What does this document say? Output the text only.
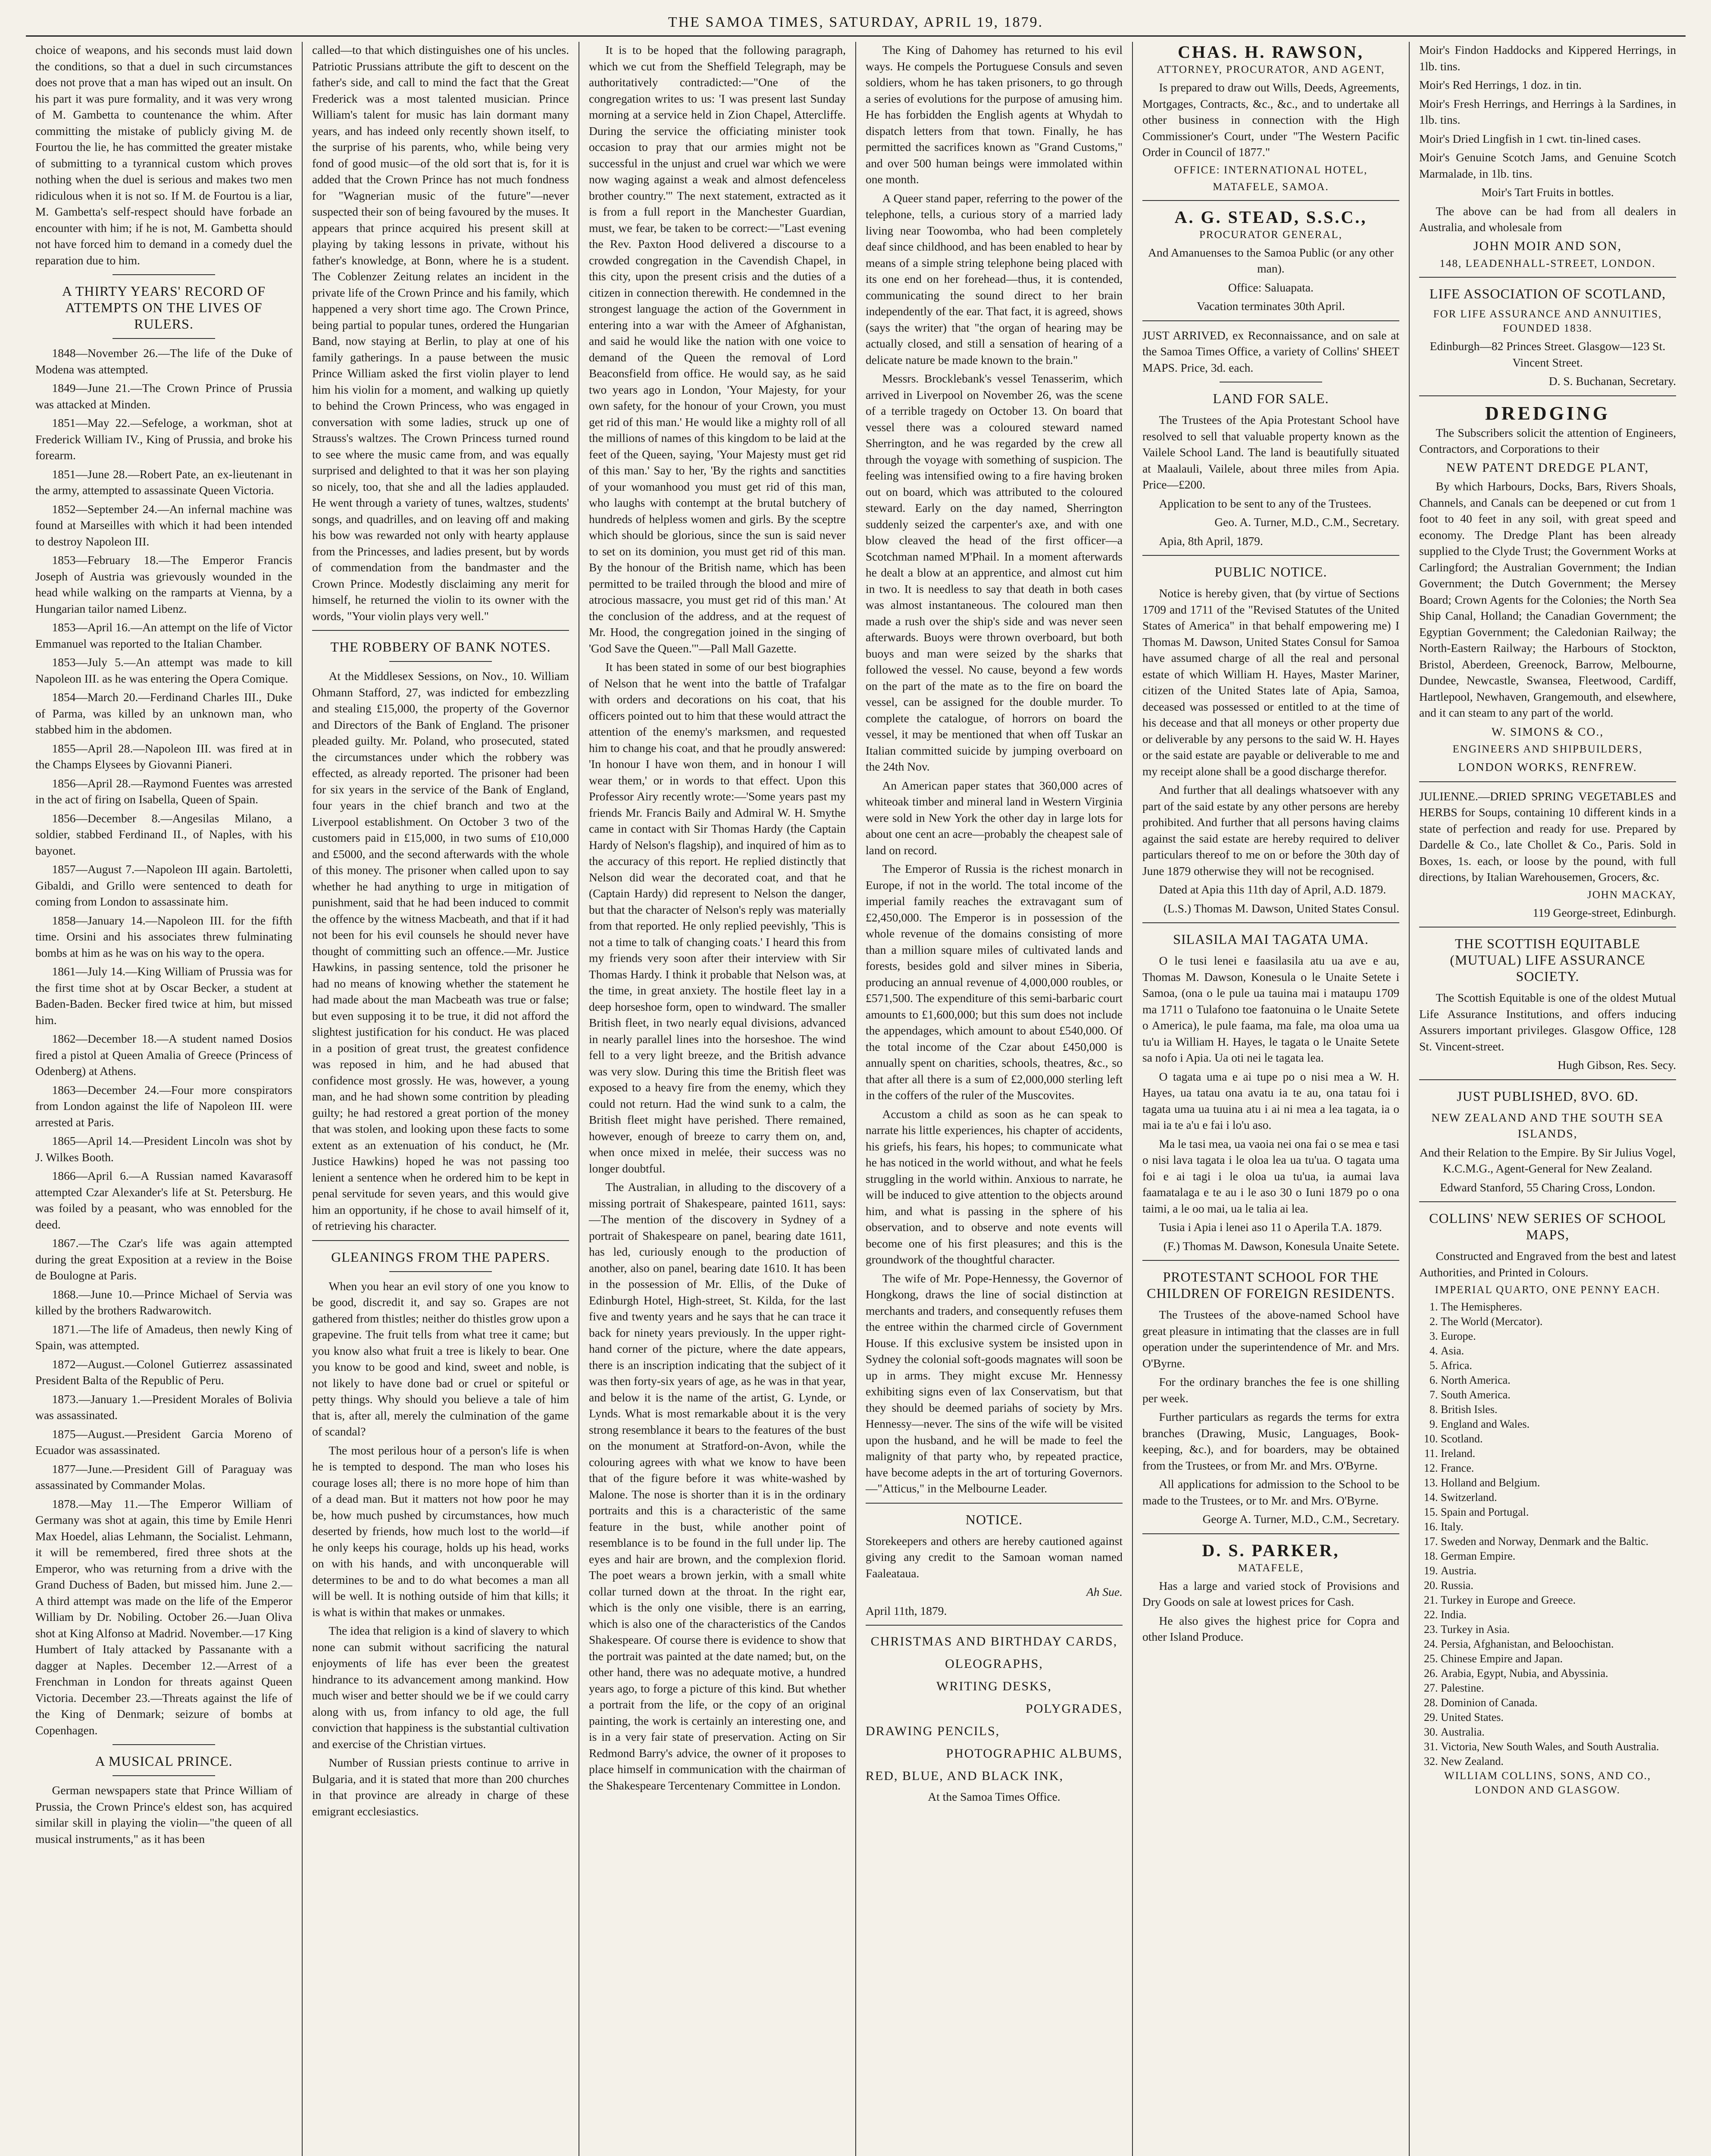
THE SAMOA TIMES, SATURDAY, APRIL 19, 1879.

choice of weapons, and his seconds must laid down the conditions, so that a duel in such circumstances does not prove that a man has wiped out an insult. On his part it was pure formality, and it was very wrong of M. Gambetta to countenance the whim. After committing the mistake of publicly giving M. de Fourtou the lie, he has committed the greater mistake of submitting to a tyrannical custom which proves nothing when the duel is serious and makes two men ridiculous when it is not so. If M. de Fourtou is a liar, M. Gambetta's self-respect should have forbade an encounter with him; if he is not, M. Gambetta should not have forced him to demand in a comedy duel the reparation due to him.

A THIRTY YEARS' RECORD OF ATTEMPTS ON THE LIVES OF RULERS.

1848—November 26.—The life of the Duke of Modena was attempted.

1849—June 21.—The Crown Prince of Prussia was attacked at Minden.

1851—May 22.—Sefeloge, a workman, shot at Frederick William IV., King of Prussia, and broke his forearm.

1851—June 28.—Robert Pate, an ex-lieutenant in the army, attempted to assassinate Queen Victoria.

1852—September 24.—An infernal machine was found at Marseilles with which it had been intended to destroy Napoleon III.

1853—February 18.—The Emperor Francis Joseph of Austria was grievously wounded in the head while walking on the ramparts at Vienna, by a Hungarian tailor named Libenz.

1853—April 16.—An attempt on the life of Victor Emmanuel was reported to the Italian Chamber.

1853—July 5.—An attempt was made to kill Napoleon III. as he was entering the Opera Comique.

1854—March 20.—Ferdinand Charles III., Duke of Parma, was killed by an unknown man, who stabbed him in the abdomen.

1855—April 28.—Napoleon III. was fired at in the Champs Elysees by Giovanni Pianeri.

1856—April 28.—Raymond Fuentes was arrested in the act of firing on Isabella, Queen of Spain.

1856—December 8.—Angesilas Milano, a soldier, stabbed Ferdinand II., of Naples, with his bayonet.

1857—August 7.—Napoleon III again. Bartoletti, Gibaldi, and Grillo were sentenced to death for coming from London to assassinate him.

1858—January 14.—Napoleon III. for the fifth time. Orsini and his associates threw fulminating bombs at him as he was on his way to the opera.

1861—July 14.—King William of Prussia was for the first time shot at by Oscar Becker, a student at Baden-Baden. Becker fired twice at him, but missed him.

1862—December 18.—A student named Dosios fired a pistol at Queen Amalia of Greece (Princess of Odenberg) at Athens.

1863—December 24.—Four more conspirators from London against the life of Napoleon III. were arrested at Paris.

1865—April 14.—President Lincoln was shot by J. Wilkes Booth.

1866—April 6.—A Russian named Kavarasoff attempted Czar Alexander's life at St. Petersburg. He was foiled by a peasant, who was ennobled for the deed.

1867.—The Czar's life was again attempted during the great Exposition at a review in the Boise de Boulogne at Paris.

1868.—June 10.—Prince Michael of Servia was killed by the brothers Radwarowitch.

1871.—The life of Amadeus, then newly King of Spain, was attempted.

1872—August.—Colonel Gutierrez assassinated President Balta of the Republic of Peru.

1873.—January 1.—President Morales of Bolivia was assassinated.

1875—August.—President Garcia Moreno of Ecuador was assassinated.

1877—June.—President Gill of Paraguay was assassinated by Commander Molas.

1878.—May 11.—The Emperor William of Germany was shot at again, this time by Emile Henri Max Hoedel, alias Lehmann, the Socialist. Lehmann, it will be remembered, fired three shots at the Emperor, who was returning from a drive with the Grand Duchess of Baden, but missed him. June 2.—A third attempt was made on the life of the Emperor William by Dr. Nobiling. October 26.—Juan Oliva shot at King Alfonso at Madrid. November.—17 King Humbert of Italy attacked by Passanante with a dagger at Naples. December 12.—Arrest of a Frenchman in London for threats against Queen Victoria. December 23.—Threats against the life of the King of Denmark; seizure of bombs at Copenhagen.

A MUSICAL PRINCE.

German newspapers state that Prince William of Prussia, the Crown Prince's eldest son, has acquired similar skill in playing the violin—"the queen of all musical instruments," as it has been

called—to that which distinguishes one of his uncles. Patriotic Prussians attribute the gift to descent on the father's side, and call to mind the fact that the Great Frederick was a most talented musician. Prince William's talent for music has lain dormant many years, and has indeed only recently shown itself, to the surprise of his parents, who, while being very fond of good music—of the old sort that is, for it is added that the Crown Prince has not much fondness for "Wagnerian music of the future"—never suspected their son of being favoured by the muses. It appears that prince acquired his present skill at playing by taking lessons in private, without his father's knowledge, at Bonn, where he is a student. The Coblenzer Zeitung relates an incident in the private life of the Crown Prince and his family, which happened a very short time ago. The Crown Prince, being partial to popular tunes, ordered the Hungarian Band, now staying at Berlin, to play at one of his family gatherings. In a pause between the music Prince William asked the first violin player to lend him his violin for a moment, and walking up quietly to behind the Crown Princess, who was engaged in conversation with some ladies, struck up one of Strauss's waltzes. The Crown Princess turned round to see where the music came from, and was equally surprised and delighted to that it was her son playing so nicely, too, that she and all the ladies applauded. He went through a variety of tunes, waltzes, students' songs, and quadrilles, and on leaving off and making his bow was rewarded not only with hearty applause from the Princesses, and ladies present, but by words of commendation from the bandmaster and the Crown Prince. Modestly disclaiming any merit for himself, he returned the violin to its owner with the words, "Your violin plays very well."

THE ROBBERY OF BANK NOTES.

At the Middlesex Sessions, on Nov., 10. William Ohmann Stafford, 27, was indicted for embezzling and stealing £15,000, the property of the Governor and Directors of the Bank of England. The prisoner pleaded guilty. Mr. Poland, who prosecuted, stated the circumstances under which the robbery was effected, as already reported. The prisoner had been for six years in the service of the Bank of England, four years in the chief branch and two at the Liverpool establishment. On October 3 two of the customers paid in £15,000, in two sums of £10,000 and £5000, and the second afterwards with the whole of this money. The prisoner when called upon to say whether he had anything to urge in mitigation of punishment, said that he had been induced to commit the offence by the witness Macbeath, and that if it had not been for his evil counsels he should never have thought of committing such an offence.—Mr. Justice Hawkins, in passing sentence, told the prisoner he had no means of knowing whether the statement he had made about the man Macbeath was true or false; but even supposing it to be true, it did not afford the slightest justification for his conduct. He was placed in a position of great trust, the greatest confidence was reposed in him, and he had abused that confidence most grossly. He was, however, a young man, and he had shown some contrition by pleading guilty; he had restored a great portion of the money that was stolen, and looking upon these facts to some extent as an extenuation of his conduct, he (Mr. Justice Hawkins) hoped he was not passing too lenient a sentence when he ordered him to be kept in penal servitude for seven years, and this would give him an opportunity, if he chose to avail himself of it, of retrieving his character.

GLEANINGS FROM THE PAPERS.

When you hear an evil story of one you know to be good, discredit it, and say so. Grapes are not gathered from thistles; neither do thistles grow upon a grapevine. The fruit tells from what tree it came; but you know also what fruit a tree is likely to bear. One you know to be good and kind, sweet and noble, is not likely to have done bad or cruel or spiteful or petty things. Why should you believe a tale of him that is, after all, merely the culmination of the game of scandal?

The most perilous hour of a person's life is when he is tempted to despond. The man who loses his courage loses all; there is no more hope of him than of a dead man. But it matters not how poor he may be, how much pushed by circumstances, how much deserted by friends, how much lost to the world—if he only keeps his courage, holds up his head, works on with his hands, and with unconquerable will determines to be and to do what becomes a man all will be well. It is nothing outside of him that kills; it is what is within that makes or unmakes.

The idea that religion is a kind of slavery to which none can submit without sacrificing the natural enjoyments of life has ever been the greatest hindrance to its advancement among mankind. How much wiser and better should we be if we could carry along with us, from infancy to old age, the full conviction that happiness is the substantial cultivation and exercise of the Christian virtues.

Number of Russian priests continue to arrive in Bulgaria, and it is stated that more than 200 churches in that province are already in charge of these emigrant ecclesiastics.

It is to be hoped that the following paragraph, which we cut from the Sheffield Telegraph, may be authoritatively contradicted:—"One of the congregation writes to us: 'I was present last Sunday morning at a service held in Zion Chapel, Attercliffe. During the service the officiating minister took occasion to pray that our armies might not be successful in the unjust and cruel war which we were now waging against a weak and almost defenceless brother country.'" The next statement, extracted as it is from a full report in the Manchester Guardian, must, we fear, be taken to be correct:—"Last evening the Rev. Paxton Hood delivered a discourse to a crowded congregation in the Cavendish Chapel, in this city, upon the present crisis and the duties of a citizen in connection therewith. He condemned in the strongest language the action of the Government in entering into a war with the Ameer of Afghanistan, and said he would like the nation with one voice to demand of the Queen the removal of Lord Beaconsfield from office. He would say, as he said two years ago in London, 'Your Majesty, for your own safety, for the honour of your Crown, you must get rid of this man.' He would like a mighty roll of all the millions of names of this kingdom to be laid at the feet of the Queen, saying, 'Your Majesty must get rid of this man.' Say to her, 'By the rights and sanctities of your womanhood you must get rid of this man, who laughs with contempt at the brutal butchery of hundreds of helpless women and girls. By the sceptre which should be glorious, since the sun is said never to set on its dominion, you must get rid of this man. By the honour of the British name, which has been permitted to be trailed through the blood and mire of atrocious massacre, you must get rid of this man.' At the conclusion of the address, and at the request of Mr. Hood, the congregation joined in the singing of 'God Save the Queen.'"—Pall Mall Gazette.

It has been stated in some of our best biographies of Nelson that he went into the battle of Trafalgar with orders and decorations on his coat, that his officers pointed out to him that these would attract the attention of the enemy's marksmen, and requested him to change his coat, and that he proudly answered: 'In honour I have won them, and in honour I will wear them,' or in words to that effect. Upon this Professor Airy recently wrote:—'Some years past my friends Mr. Francis Baily and Admiral W. H. Smythe came in contact with Sir Thomas Hardy (the Captain Hardy of Nelson's flagship), and inquired of him as to the accuracy of this report. He replied distinctly that Nelson did wear the decorated coat, and that he (Captain Hardy) did represent to Nelson the danger, but that the character of Nelson's reply was materially from that reported. He only replied peevishly, 'This is not a time to talk of changing coats.' I heard this from my friends very soon after their interview with Sir Thomas Hardy. I think it probable that Nelson was, at the time, in great anxiety. The hostile fleet lay in a deep horseshoe form, open to windward. The smaller British fleet, in two nearly equal divisions, advanced in nearly parallel lines into the horseshoe. The wind fell to a very light breeze, and the British advance was very slow. During this time the British fleet was exposed to a heavy fire from the enemy, which they could not return. Had the wind sunk to a calm, the British fleet might have perished. There remained, however, enough of breeze to carry them on, and, when once mixed in melée, their success was no longer doubtful.

The Australian, in alluding to the discovery of a missing portrait of Shakespeare, painted 1611, says:—The mention of the discovery in Sydney of a portrait of Shakespeare on panel, bearing date 1611, has led, curiously enough to the production of another, also on panel, bearing date 1610. It has been in the possession of Mr. Ellis, of the Duke of Edinburgh Hotel, High-street, St. Kilda, for the last five and twenty years and he says that he can trace it back for ninety years previously. In the upper right-hand corner of the picture, where the date appears, there is an inscription indicating that the subject of it was then forty-six years of age, as he was in that year, and below it is the name of the artist, G. Lynde, or Lynds. What is most remarkable about it is the very strong resemblance it bears to the features of the bust on the monument at Stratford-on-Avon, while the colouring agrees with what we know to have been that of the figure before it was white-washed by Malone. The nose is shorter than it is in the ordinary portraits and this is a characteristic of the same feature in the bust, while another point of resemblance is to be found in the full under lip. The eyes and hair are brown, and the complexion florid. The poet wears a brown jerkin, with a small white collar turned down at the throat. In the right ear, which is the only one visible, there is an earring, which is also one of the characteristics of the Candos Shakespeare. Of course there is evidence to show that the portrait was painted at the date named; but, on the other hand, there was no adequate motive, a hundred years ago, to forge a picture of this kind. But whether a portrait from the life, or the copy of an original painting, the work is certainly an interesting one, and is in a very fair state of preservation. Acting on Sir Redmond Barry's advice, the owner of it proposes to place himself in communication with the chairman of the Shakespeare Tercentenary Committee in London.

The King of Dahomey has returned to his evil ways. He compels the Portuguese Consuls and seven soldiers, whom he has taken prisoners, to go through a series of evolutions for the purpose of amusing him. He has forbidden the English agents at Whydah to dispatch letters from that town. Finally, he has permitted the sacrifices known as "Grand Customs," and over 500 human beings were immolated within one month.

A Queer stand paper, referring to the power of the telephone, tells, a curious story of a married lady living near Toowomba, who had been completely deaf since childhood, and has been enabled to hear by means of a simple string telephone being placed with its one end on her forehead—thus, it is contended, communicating the sound direct to her brain independently of the ear. That fact, it is agreed, shows (says the writer) that "the organ of hearing may be actually closed, and still a sensation of hearing of a delicate nature be made known to the brain."

Messrs. Brocklebank's vessel Tenasserim, which arrived in Liverpool on November 26, was the scene of a terrible tragedy on October 13. On board that vessel there was a coloured steward named Sherrington, and he was regarded by the crew all through the voyage with something of suspicion. The feeling was intensified owing to a fire having broken out on board, which was attributed to the coloured steward. Early on the day named, Sherrington suddenly seized the carpenter's axe, and with one blow cleaved the head of the first officer—a Scotchman named M'Phail. In a moment afterwards he dealt a blow at an apprentice, and almost cut him in two. It is needless to say that death in both cases was almost instantaneous. The coloured man then made a rush over the ship's side and was never seen afterwards. Buoys were thrown overboard, but both buoys and man were seized by the sharks that followed the vessel. No cause, beyond a few words on the part of the mate as to the fire on board the vessel, can be assigned for the double murder. To complete the catalogue, of horrors on board the vessel, it may be mentioned that when off Tuskar an Italian committed suicide by jumping overboard on the 24th Nov.

An American paper states that 360,000 acres of whiteoak timber and mineral land in Western Virginia were sold in New York the other day in large lots for about one cent an acre—probably the cheapest sale of land on record.

The Emperor of Russia is the richest monarch in Europe, if not in the world. The total income of the imperial family reaches the extravagant sum of £2,450,000. The Emperor is in possession of the whole revenue of the domains consisting of more than a million square miles of cultivated lands and forests, besides gold and silver mines in Siberia, producing an annual revenue of 4,000,000 roubles, or £571,500. The expenditure of this semi-barbaric court amounts to £1,600,000; but this sum does not include the appendages, which amount to about £540,000. Of the total income of the Czar about £450,000 is annually spent on charities, schools, theatres, &c., so that after all there is a sum of £2,000,000 sterling left in the coffers of the ruler of the Muscovites.

Accustom a child as soon as he can speak to narrate his little experiences, his chapter of accidents, his griefs, his fears, his hopes; to communicate what he has noticed in the world without, and what he feels struggling in the world within. Anxious to narrate, he will be induced to give attention to the objects around him, and what is passing in the sphere of his observation, and to observe and note events will become one of his first pleasures; and this is the groundwork of the thoughtful character.

The wife of Mr. Pope-Hennessy, the Governor of Hongkong, draws the line of social distinction at merchants and traders, and consequently refuses them the entree within the charmed circle of Government House. If this exclusive system be insisted upon in Sydney the colonial soft-goods magnates will soon be up in arms. They might excuse Mr. Hennessy exhibiting signs even of lax Conservatism, but that they should be deemed pariahs of society by Mrs. Hennessy—never. The sins of the wife will be visited upon the husband, and he will be made to feel the malignity of that party who, by repeated practice, have become adepts in the art of torturing Governors.—"Atticus," in the Melbourne Leader.

NOTICE.

Storekeepers and others are hereby cautioned against giving any credit to the Samoan woman named Faaleataua.

Ah Sue.

April 11th, 1879.

CHRISTMAS AND BIRTHDAY CARDS,

OLEOGRAPHS,

WRITING DESKS,

POLYGRADES,

DRAWING PENCILS,

PHOTOGRAPHIC ALBUMS,

RED, BLUE, AND BLACK INK,

At the Samoa Times Office.

CHAS. H. RAWSON,

ATTORNEY, PROCURATOR, AND AGENT,

Is prepared to draw out Wills, Deeds, Agreements, Mortgages, Contracts, &c., &c., and to undertake all other business in connection with the High Commissioner's Court, under "The Western Pacific Order in Council of 1877."

OFFICE: INTERNATIONAL HOTEL,

MATAFELE, SAMOA.

A. G. STEAD, S.S.C.,

PROCURATOR GENERAL,

And Amanuenses to the Samoa Public (or any other man).

Office: Saluapata.

Vacation terminates 30th April.

JUST ARRIVED, ex Reconnaissance, and on sale at the Samoa Times Office, a variety of Collins' SHEET MAPS. Price, 3d. each.

LAND FOR SALE.

The Trustees of the Apia Protestant School have resolved to sell that valuable property known as the Vailele School Land. The land is beautifully situated at Maalauli, Vailele, about three miles from Apia. Price—£200.

Application to be sent to any of the Trustees.

Geo. A. Turner, M.D., C.M., Secretary.

Apia, 8th April, 1879.

PUBLIC NOTICE.

Notice is hereby given, that (by virtue of Sections 1709 and 1711 of the "Revised Statutes of the United States of America" in that behalf empowering me) I Thomas M. Dawson, United States Consul for Samoa have assumed charge of all the real and personal estate of which William H. Hayes, Master Mariner, citizen of the United States late of Apia, Samoa, deceased was possessed or entitled to at the time of his decease and that all moneys or other property due or deliverable by any persons to the said W. H. Hayes or the said estate are payable or deliverable to me and my receipt alone shall be a good discharge therefor.

And further that all dealings whatsoever with any part of the said estate by any other persons are hereby prohibited. And further that all persons having claims against the said estate are hereby required to deliver particulars thereof to me on or before the 30th day of June 1879 otherwise they will not be recognised.

Dated at Apia this 11th day of April, A.D. 1879.

(L.S.) Thomas M. Dawson, United States Consul.

SILASILA MAI TAGATA UMA.

O le tusi lenei e faasilasila atu ua ave e au, Thomas M. Dawson, Konesula o le Unaite Setete i Samoa, (ona o le pule ua tauina mai i mataupu 1709 ma 1711 o Tulafono toe faatonuina o le Unaite Setete o America), le pule faama, ma fale, ma oloa uma ua tu'u ia William H. Hayes, le tagata o le Unaite Setete sa nofo i Apia. Ua oti nei le tagata lea.

O tagata uma e ai tupe po o nisi mea a W. H. Hayes, ua tatau ona avatu ia te au, ona tatau foi i tagata uma ua tuuina atu i ai ni mea a lea tagata, ia o mai ia te a'u e fai i lo'u aso.

Ma le tasi mea, ua vaoia nei ona fai o se mea e tasi o nisi lava tagata i le oloa lea ua tu'ua. O tagata uma foi e ai tagi i le oloa ua tu'ua, ia aumai lava faamatalaga e te au i le aso 30 o Iuni 1879 po o ona taimi, a le oo mai, ua le talia ai lea.

Tusia i Apia i lenei aso 11 o Aperila T.A. 1879.

(F.) Thomas M. Dawson, Konesula Unaite Setete.

PROTESTANT SCHOOL FOR THE CHILDREN OF FOREIGN RESIDENTS.

The Trustees of the above-named School have great pleasure in intimating that the classes are in full operation under the superintendence of Mr. and Mrs. O'Byrne.

For the ordinary branches the fee is one shilling per week.

Further particulars as regards the terms for extra branches (Drawing, Music, Languages, Book-keeping, &c.), and for boarders, may be obtained from the Trustees, or from Mr. and Mrs. O'Byrne.

All applications for admission to the School to be made to the Trustees, or to Mr. and Mrs. O'Byrne.

George A. Turner, M.D., C.M., Secretary.

D. S. PARKER,

MATAFELE,

Has a large and varied stock of Provisions and Dry Goods on sale at lowest prices for Cash.

He also gives the highest price for Copra and other Island Produce.

Moir's Findon Haddocks and Kippered Herrings, in 1lb. tins.

Moir's Red Herrings, 1 doz. in tin.

Moir's Fresh Herrings, and Herrings à la Sardines, in 1lb. tins.

Moir's Dried Lingfish in 1 cwt. tin-lined cases.

Moir's Genuine Scotch Jams, and Genuine Scotch Marmalade, in 1lb. tins.

Moir's Tart Fruits in bottles.

The above can be had from all dealers in Australia, and wholesale from

JOHN MOIR AND SON,

148, LEADENHALL-STREET, LONDON.

LIFE ASSOCIATION OF SCOTLAND,

FOR LIFE ASSURANCE AND ANNUITIES, FOUNDED 1838.

Edinburgh—82 Princes Street. Glasgow—123 St. Vincent Street.

D. S. Buchanan, Secretary.

DREDGING

The Subscribers solicit the attention of Engineers, Contractors, and Corporations to their

NEW PATENT DREDGE PLANT,

By which Harbours, Docks, Bars, Rivers Shoals, Channels, and Canals can be deepened or cut from 1 foot to 40 feet in any soil, with great speed and economy. The Dredge Plant has been already supplied to the Clyde Trust; the Government Works at Carlingford; the Australian Government; the Indian Government; the Dutch Government; the Mersey Board; Crown Agents for the Colonies; the North Sea Ship Canal, Holland; the Canadian Government; the Egyptian Government; the Caledonian Railway; the North-Eastern Railway; the Harbours of Stockton, Bristol, Aberdeen, Greenock, Barrow, Melbourne, Dundee, Newcastle, Swansea, Fleetwood, Cardiff, Hartlepool, Newhaven, Grangemouth, and elsewhere, and it can steam to any part of the world.

W. SIMONS & CO.,

ENGINEERS AND SHIPBUILDERS,

LONDON WORKS, RENFREW.

JULIENNE.—DRIED SPRING VEGETABLES and HERBS for Soups, containing 10 different kinds in a state of perfection and ready for use. Prepared by Dardelle & Co., late Chollet & Co., Paris. Sold in Boxes, 1s. each, or loose by the pound, with full directions, by Italian Warehousemen, Grocers, &c.

JOHN MACKAY,

119 George-street, Edinburgh.

THE SCOTTISH EQUITABLE (MUTUAL) LIFE ASSURANCE SOCIETY.

The Scottish Equitable is one of the oldest Mutual Life Assurance Institutions, and offers inducing Assurers important privileges. Glasgow Office, 128 St. Vincent-street.

Hugh Gibson, Res. Secy.

JUST PUBLISHED, 8VO. 6D.

NEW ZEALAND AND THE SOUTH SEA ISLANDS,

And their Relation to the Empire. By Sir Julius Vogel, K.C.M.G., Agent-General for New Zealand.

Edward Stanford, 55 Charing Cross, London.

COLLINS' NEW SERIES OF SCHOOL MAPS,

Constructed and Engraved from the best and latest Authorities, and Printed in Colours.

IMPERIAL QUARTO, ONE PENNY EACH.

1. The Hemispheres.
2. The World (Mercator).
3. Europe.
4. Asia.
5. Africa.
6. North America.
7. South America.
8. British Isles.
9. England and Wales.
10. Scotland.
11. Ireland.
12. France.
13. Holland and Belgium.
14. Switzerland.
15. Spain and Portugal.
16. Italy.
17. Sweden and Norway, Denmark and the Baltic.
18. German Empire.
19. Austria.
20. Russia.
21. Turkey in Europe and Greece.
22. India.
23. Turkey in Asia.
24. Persia, Afghanistan, and Beloochistan.
25. Chinese Empire and Japan.
26. Arabia, Egypt, Nubia, and Abyssinia.
27. Palestine.
28. Dominion of Canada.
29. United States.
30. Australia.
31. Victoria, New South Wales, and South Australia.
32. New Zealand.

WILLIAM COLLINS, SONS, AND CO., LONDON AND GLASGOW.
